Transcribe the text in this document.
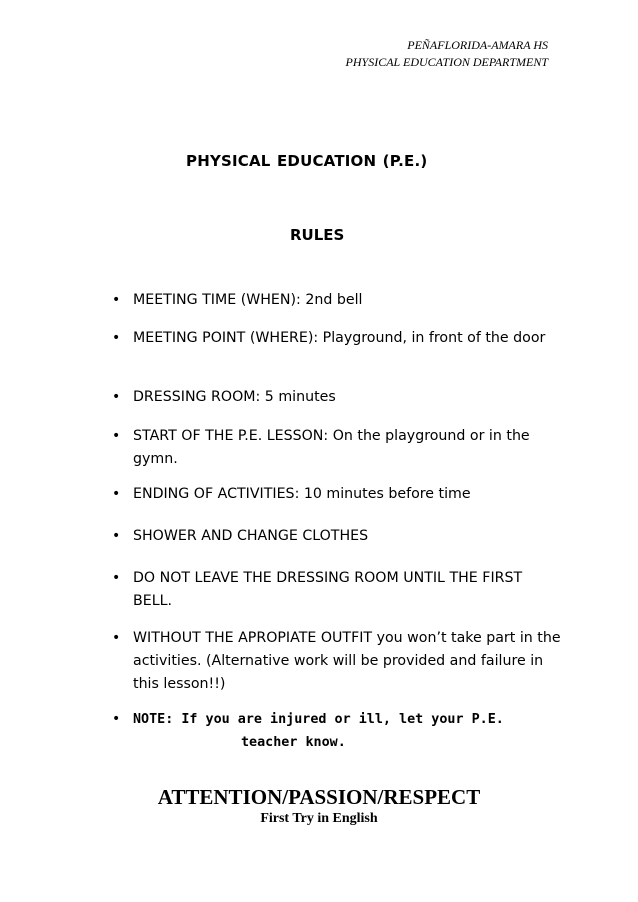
PEÑAFLORIDA-AMARA HS
PHYSICAL EDUCATION DEPARTMENT
PHYSICAL EDUCATION (P.E.)
RULES
• MEETING TIME (WHEN): 2nd bell
• MEETING POINT (WHERE): Playground, in front of the door
• DRESSING ROOM: 5 minutes
• START OF THE P.E. LESSON: On the playground or in the gymn.
• ENDING OF ACTIVITIES: 10 minutes before time
• SHOWER AND CHANGE CLOTHES
• DO NOT LEAVE THE DRESSING ROOM UNTIL THE FIRST BELL.
• WITHOUT THE APROPIATE OUTFIT you won’t take part in the activities. (Alternative work will be provided and failure in this lesson!!)
• NOTE: If you are injured or ill, let your P.E.
teacher know.
ATTENTION/PASSION/RESPECT
First Try in English
